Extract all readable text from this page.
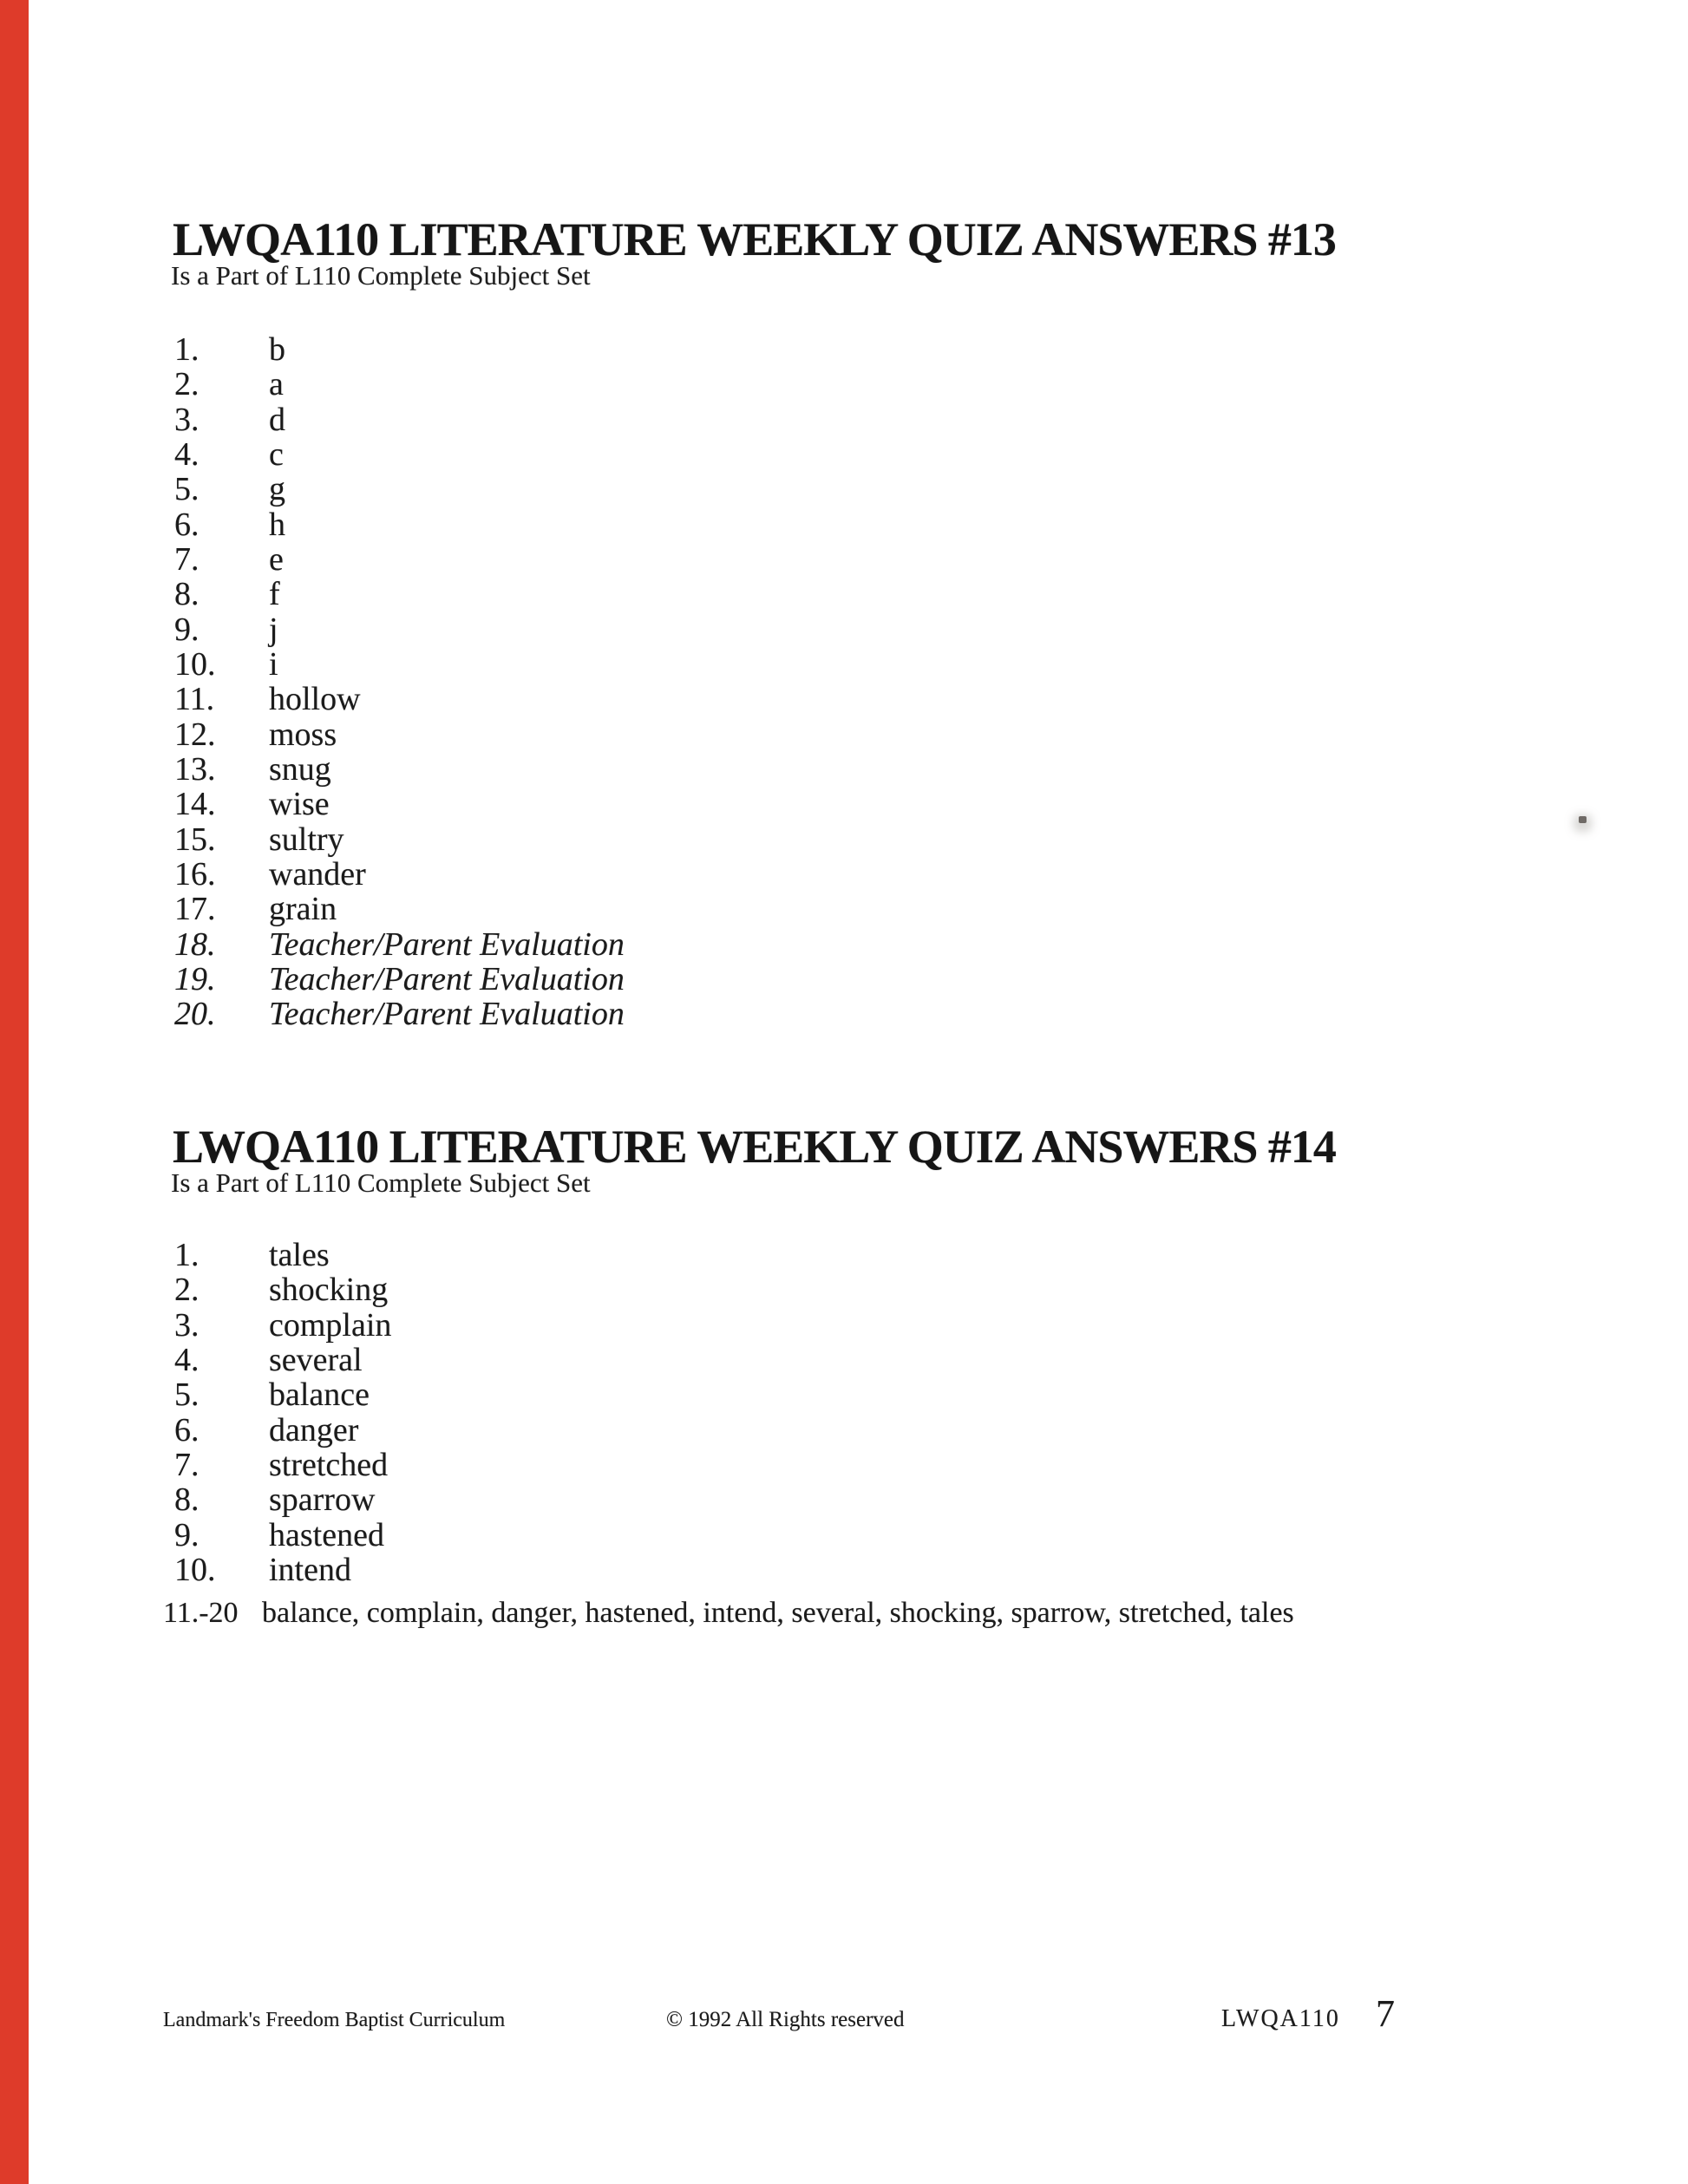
LWQA110 LITERATURE WEEKLY QUIZ ANSWERS #13

Is a Part of L110 Complete Subject Set

1. b
2. a
3. d
4. c
5. g
6. h
7. e
8. f
9. j
10. i
11. hollow
12. moss
13. snug
14. wise
15. sultry
16. wander
17. grain
18. Teacher/Parent Evaluation
19. Teacher/Parent Evaluation
20. Teacher/Parent Evaluation
LWQA110 LITERATURE WEEKLY QUIZ ANSWERS #14

Is a Part of L110 Complete Subject Set

1. tales
2. shocking
3. complain
4. several
5. balance
6. danger
7. stretched
8. sparrow
9. hastened
10. intend
11.-20 balance, complain, danger, hastened, intend, several, shocking, sparrow, stretched, tales
Landmark's Freedom Baptist Curriculum	© 1992 All Rights reserved	LWQA110 7
